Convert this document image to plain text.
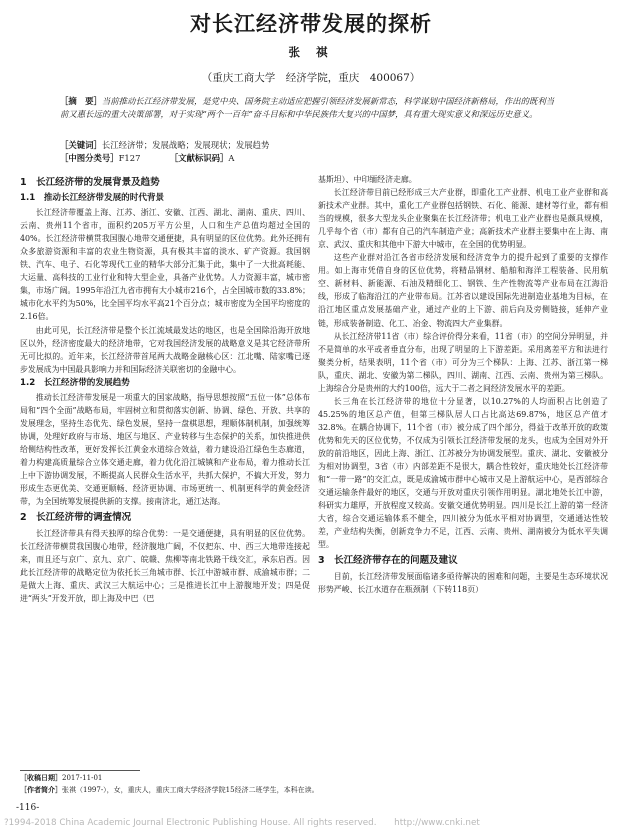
对长江经济带发展的探析
张 祺
（重庆工商大学　经济学院，重庆　400067）
［摘　要］当前推动长江经济带发展，是党中央、国务院主动适应把握引领经济发展新常态，科学谋划中国经济新格局，作出的既利当前又惠长远的重大决策部署，对于实现“两个一百年”奋斗目标和中华民族伟大复兴的中国梦，具有重大现实意义和深远历史意义。
［关键词］长江经济带；发展战略；发展现状；发展趋势
［中图分类号］F127　　　　	［文献标识码］A
1　长江经济带的发展背景及趋势
1.1　推动长江经济带发展的时代背景

长江经济带覆盖上海、江苏、浙江、安徽、江西、湖北、湖南、重庆、四川、云南、贵州11个省市，面积约205万平方公里，人口和生产总值均超过全国的40%。长江经济带横贯我国腹心地带交通便捷，具有明显的区位优势。此外还拥有众多旅游资源和丰富的农业生物资源，具有极其丰富的淡水、矿产资源。我国钢铁、汽车、电子、石化等现代工业的精华大部分汇集于此，集中了一大批高耗能、大运量、高科技的工业行业和特大型企业，具备产业优势。人力资源丰富，城市密集，市场广阔。1995年沿江九省市拥有大小城市216个，占全国城市数的33.8%；城市化水平约为50%，比全国平均水平高21个百分点；城市密度为全国平均密度的2.16倍。

由此可见，长江经济带是整个长江流域最发达的地区，也是全国除沿海开放地区以外，经济密度最大的经济地带，它对我国经济发展的战略意义是其它经济带所无可比拟的。近年来，长江经济带首尾两大战略金融核心区：江北嘴、陆家嘴已逐步发展成为中国最具影响力并和国际经济关联密切的金融中心。

1.2　长江经济带的发展趋势

推动长江经济带发展是一项重大的国家战略，指导思想按照“五位一体”总体布局和“四个全面”战略布局，牢固树立和贯彻落实创新、协调、绿色、开放、共享的发展理念，坚持生态优先、绿色发展，坚持一盘棋思想，理顺体制机制，加强统筹协调，处理好政府与市场、地区与地区、产业转移与生态保护的关系，加快推进供给侧结构性改革，更好发挥长江黄金水道综合效益，着力建设沿江绿色生态廊道，着力构建高质量综合立体交通走廊，着力优化沿江城镇和产业布局，着力推动长江上中下游协调发展，不断提高人民群众生活水平，共抓大保护，不搞大开发，努力形成生态更优美、交通更顺畅、经济更协调、市场更统一、机制更科学的黄金经济带，为全国统筹发展提供新的支撑。接南济北，通江达海。

2　长江经济带的调查情况

长江经济带具有得天独厚的综合优势：一是交通便捷，具有明显的区位优势。长江经济带横贯我国腹心地带，经济腹地广阔，不仅把东、中、西三大地带连接起来，而且还与京广、京九、京广、皖赣、焦柳等南北铁路干线交汇，承东启西。因此长江经济带的战略定位为依托长三角城市群、长江中游城市群、成渝城市群；二是做大上海、重庆、武汉三大航运中心；三是推进长江中上游腹地开发；四是促进“两头”开发开放，即上海及中巴（巴

基斯坦）、中印缅经济走廊。

长江经济带目前已经形成三大产业群，即重化工产业群、机电工业产业群和高新技术产业群。其中，重化工产业群包括钢铁、石化、能源、建材等行业，都有相当的规模，很多大型龙头企业聚集在长江经济带；机电工业产业群也是颇具规模，几乎每个省（市）都有自己的汽车制造产业；高新技术产业群主要集中在上海、南京、武汉、重庆和其他中下游大中城市，在全国的优势明显。

这些产业群对沿江各省市经济发展和经济竞争力的提升起到了重要的支撑作用。如上海市凭借自身的区位优势，将精品钢材、船舶和海洋工程装备、民用航空、新材料、新能源、石油及精细化工、钢铁、生产性物流等产业布局在江海沿线，形成了临海沿江的产业带布局。江苏省以建设国际先进制造业基地为目标，在沿江地区重点发展基础产业，通过产业的上下游、前后向及旁侧链接，延伸产业链，形成装备制造、化工、冶金、物流四大产业集群。

从长江经济带11省（市）综合评价得分来看，11省（市）的空间分异明显，并不是简单的水平或者垂直分布，出现了明显的上下游差距。采用离差平方和法进行聚类分析，结果表明，11个省（市）可分为三个梯队：上海、江苏、浙江第一梯队，重庆、湖北、安徽为第二梯队，四川、湖南、江西、云南、贵州为第三梯队。上海综合分是贵州的大约100倍，远大于二者之间经济发展水平的差距。

长三角在长江经济带的地位十分显著，以10.27%的人均面积占比创造了45.25%的地区总产值，但第三梯队居人口占比高达69.87%，地区总产值才32.8%。在耦合协调下，11个省（市）被分成了四个部分，得益于改革开放的政策优势和先天的区位优势，不仅成为引领长江经济带发展的龙头，也成为全国对外开放的前沿地区，因此上海、浙江、江苏被分为协调发展型。重庆、湖北、安徽被分为相对协调型，3省（市）内部差距不是很大，耦合性较好，重庆地处长江经济带和“一带一路”的交汇点，既是成渝城市群中心城市又是上游航运中心，是西部综合交通运输条件最好的地区，交通与开放对重庆引领作用明显。湖北地处长江中游，科研实力雄厚，开放程度又较高。安徽交通优势明显。四川是长江上游的第一经济大省，综合交通运输体系不健全，四川被分为低水平相对协调型，交通通达性较差，产业结构失衡，创新竞争力不足，江西、云南、贵州、湖南被分为低水平失调型。

3　长江经济带存在的问题及建议

目前，长江经济带发展面临诸多亟待解决的困难和问题，主要是生态环境状况形势严峻、长江水道存在瓶颈制（下转118页）

［收稿日期］2017-11-01
［作者简介］张祺（1997-），女，重庆人，重庆工商大学经济学院15经济二班学生，本科在读。
-116-
?1994-2018 China Academic Journal Electronic Publishing House. All rights reserved.　　http://www.cnki.net
